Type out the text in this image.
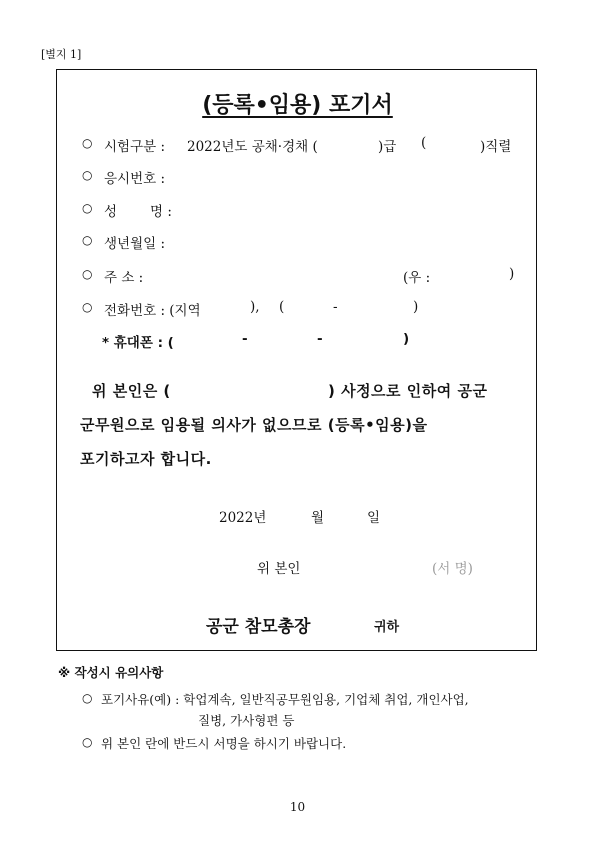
[별지 1]
(등록•임용) 포기서
○ 시험구분 : 2022년도 공채·경채 (	)급 (	)직렬
○ 응시번호 :
○ 성 명 :
○ 생년월일 :
○ 주 소 :	(우 :	)
○ 전화번호 : (지역	), (	-	)
* 휴대폰 : (	-	-	)
위 본인은 (	) 사정으로 인하여 공군
군무원으로 임용될 의사가 없으므로 (등록•임용)을
포기하고자 합니다.
2022년	월	일
위 본인	(서 명)
공군 참모총장	귀하
※ 작성시 유의사항
○ 포기사유(예) : 학업계속, 일반직공무원임용, 기업체 취업, 개인사업,
질병, 가사형편 등
○ 위 본인 란에 반드시 서명을 하시기 바랍니다.
10
